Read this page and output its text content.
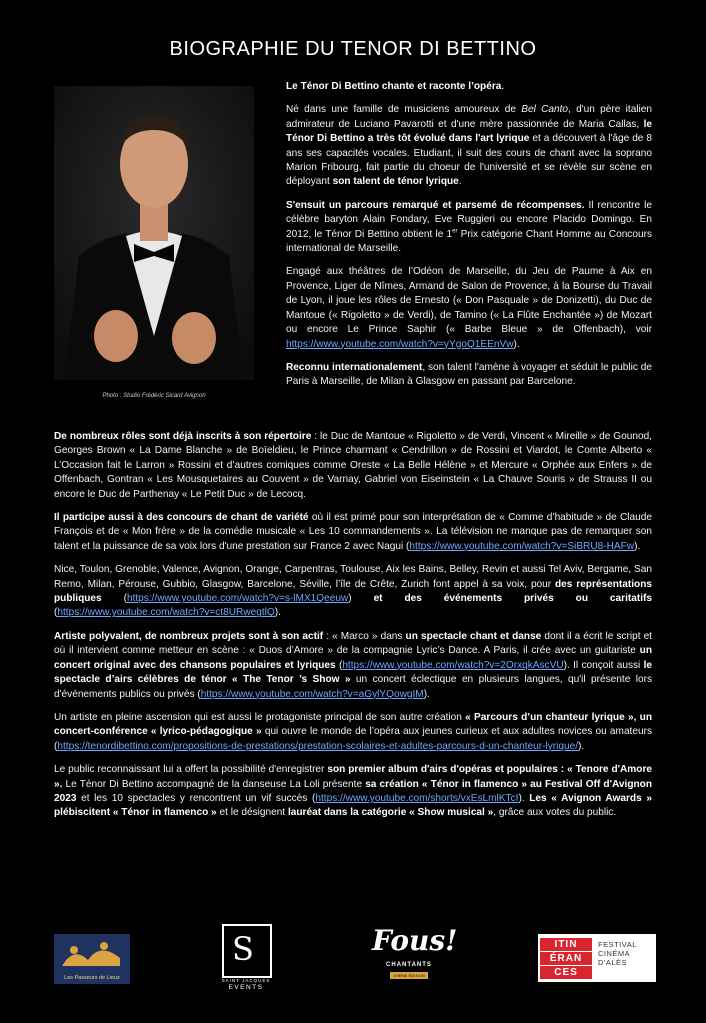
BIOGRAPHIE DU TENOR DI BETTINO
Photo : Studio Frédéric Sicard Avignon

Le Ténor Di Bettino chante et raconte l’opéra.

Né dans une famille de musiciens amoureux de Bel Canto, d'un père italien admirateur de Luciano Pavarotti et d'une mère passionnée de Maria Callas, le Ténor Di Bettino a très tôt évolué dans l'art lyrique et a découvert à l'âge de 8 ans ses capacités vocales. Etudiant, il suit des cours de chant avec la soprano Marion Fribourg, fait partie du choeur de l'université et se révèle sur scène en déployant son talent de ténor lyrique.

S'ensuit un parcours remarqué et parsemé de récompenses. Il rencontre le célèbre baryton Alain Fondary, Eve Ruggieri ou encore Placido Domingo. En 2012, le Ténor Di Bettino obtient le 1er Prix catégorie Chant Homme au Concours international de Marseille.

Engagé aux théâtres de l’Odéon de Marseille, du Jeu de Paume à Aix en Provence, Liger de Nîmes, Armand de Salon de Provence, à la Bourse du Travail de Lyon, il joue les rôles de Ernesto (« Don Pasquale » de Donizetti), du Duc de Mantoue (« Rigoletto » de Verdi), de Tamino (« La Flûte Enchantée ») de Mozart ou encore Le Prince Saphir (« Barbe Bleue » de Offenbach), voir https://www.youtube.com/watch?v=yYgoQ1EEnVw).

Reconnu internationalement, son talent l'amène à voyager et séduit le public de Paris à Marseille, de Milan à Glasgow en passant par Barcelone.

De nombreux rôles sont déjà inscrits à son répertoire : le Duc de Mantoue « Rigoletto » de Verdi, Vincent « Mireille » de Gounod, Georges Brown « La Dame Blanche » de Boïeldieu, le Prince charmant « Cendrillon » de Rossini et Viardot, le Comte Alberto « L’Occasion fait le Larron » Rossini et d’autres comiques comme Oreste « La Belle Hélène » et Mercure « Orphée aux Enfers » de Offenbach, Gontran « Les Mousquetaires au Couvent » de Varnay, Gabriel von Eiseinstein « La Chauve Souris » de Strauss II ou encore le Duc de Parthenay « Le Petit Duc » de Lecocq.

Il participe aussi à des concours de chant de variété où il est primé pour son interprétation de « Comme d’habitude » de Claude François et de « Mon frère » de la comédie musicale « Les 10 commandements ». La télévision ne manque pas de remarquer son talent et la puissance de sa voix lors d'une prestation sur France 2 avec Nagui (https://www.youtube.com/watch?v=SiBRU8-HAFw).

Nice, Toulon, Grenoble, Valence, Avignon, Orange, Carpentras, Toulouse, Aix les Bains, Belley, Revin et aussi Tel Aviv, Bergame, San Remo, Milan, Pérouse, Gubbio, Glasgow, Barcelone, Séville, l’île de Crête, Zurich font appel à sa voix, pour des représentations publiques (https://www.youtube.com/watch?v=s-lMX1Qeeuw) et des événements privés ou caritatifs (https://www.youtube.com/watch?v=ct8URwegtlQ).

Artiste polyvalent, de nombreux projets sont à son actif : « Marco » dans un spectacle chant et danse dont il a écrit le script et où il intervient comme metteur en scène : « Duos d’Amore » de la compagnie Lyric’s Dance. A Paris, il crée avec un guitariste un concert original avec des chansons populaires et lyriques (https://www.youtube.com/watch?v=2OrxqkAscVU). Il conçoit aussi le spectacle d’airs célèbres de ténor « The Tenor ’s Show » un concert éclectique en plusieurs langues, qu'il présente lors d'événements publics ou privés (https://www.youtube.com/watch?v=aGylYQowgIM).

Un artiste en pleine ascension qui est aussi le protagoniste principal de son autre création « Parcours d’un chanteur lyrique », un concert-conférence « lyrico-pédagogique » qui ouvre le monde de l’opéra aux jeunes curieux et aux adultes novices ou amateurs (https://tenordibettino.com/propositions-de-prestations/prestation-scolaires-et-adultes-parcours-d-un-chanteur-lyrique/).

Le public reconnaissant lui a offert la possibilité d'enregistrer son premier album d'airs d'opéras et populaires : « Tenore d'Amore ». Le Ténor Di Bettino accompagné de la danseuse La Loli présente sa création « Ténor in flamenco » au Festival Off d'Avignon 2023 et les 10 spectacles y rencontrent un vif succès (https://www.youtube.com/shorts/vxEsLmlKTcI). Les « Avignon Awards » plébiscitent « Ténor in flamenco » et le désignent lauréat dans la catégorie « Show musical », grâce aux votes du public.

Les Passeurs de Lieux
S
SAINT JACQUES
EVENTS
Fous!
CHANTANTS
XXÈME ÉDITION
ITIN
ÉRAN
CES
FESTIVAL
CINÉMA
D'ALÈS
